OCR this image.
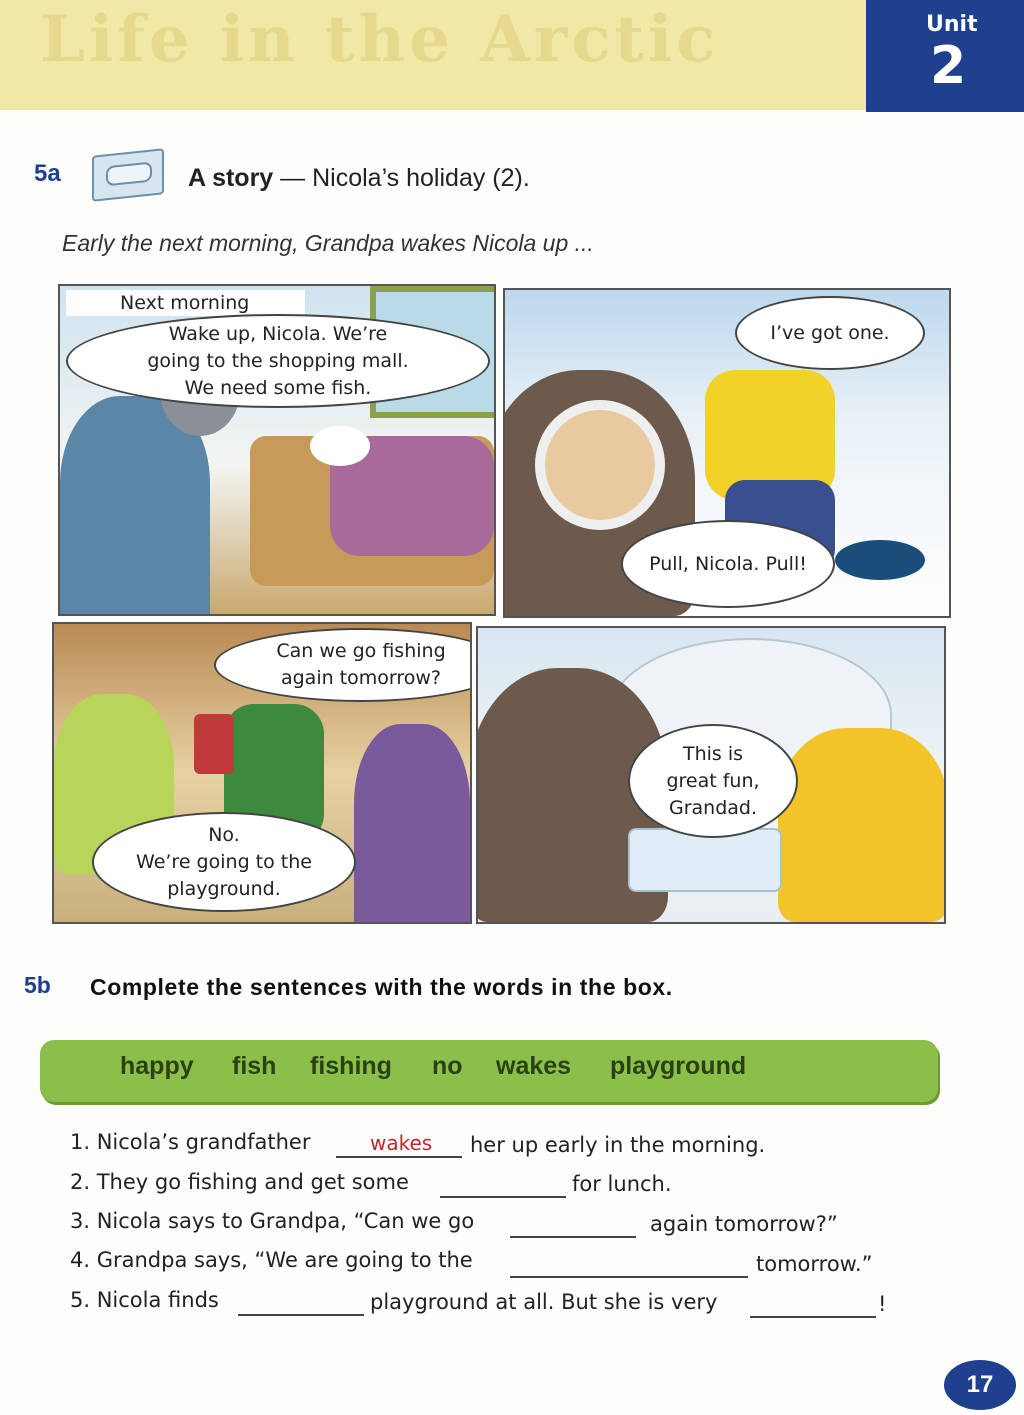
Life in the Arctic	Unit
2
5a	A story — Nicola’s holiday (2).
Early the next morning, Grandpa wakes Nicola up ...
Next morning
Wake up, Nicola. We’re
going to the shopping mall.
We need some fish.
I’ve got one.
Pull, Nicola. Pull!
Can we go fishing
again tomorrow?
No.
We’re going to the
playground.
This is
great fun,
Grandad.
5b Complete the sentences with the words in the box.
happy fish fishing no wakes playground
1. Nicola’s grandfather	wakes her up early in the morning.
2. They go fishing and get some	for lunch.
3. Nicola says to Grandpa, “Can we go	again tomorrow?”
4. Grandpa says, “We are going to the	tomorrow.”
5. Nicola finds	playground at all. But she is very	!
17
